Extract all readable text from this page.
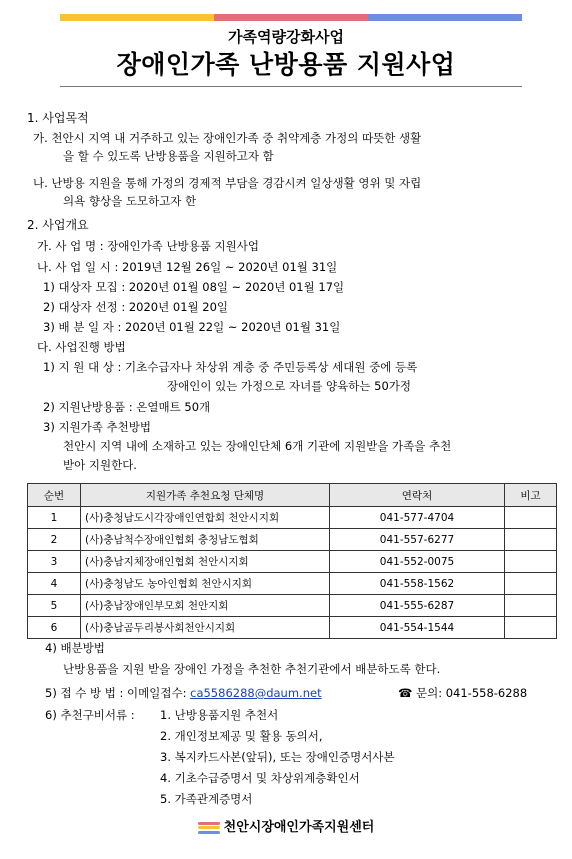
가족역량강화사업
장애인가족 난방용품 지원사업
1. 사업목적
가. 천안시 지역 내 거주하고 있는 장애인가족 중 취약계층 가정의 따뜻한 생활
을 할 수 있도록 난방용품을 지원하고자 함
나. 난방용 지원을 통해 가정의 경제적 부담을 경감시켜 일상생활 영위 및 자립
의욕 향상을 도모하고자 한
2. 사업개요
가. 사 업 명 : 장애인가족 난방용품 지원사업
나. 사 업 일 시 : 2019년 12월 26일 ~ 2020년 01월 31일
1) 대상자 모집 : 2020년 01월 08일 ~ 2020년 01월 17일
2) 대상자 선정 : 2020년 01월 20일
3) 배 분 일 자 : 2020년 01월 22일 ~ 2020년 01월 31일
다. 사업진행 방법
1) 지 원 대 상 : 기초수급자나 차상위 계층 중 주민등록상 세대원 중에 등록
장애인이 있는 가정으로 자녀를 양육하는 50가정
2) 지원난방용품 : 온열매트 50개
3) 지원가족 추천방법
천안시 지역 내에 소재하고 있는 장애인단체 6개 기관에 지원받을 가족을 추천
받아 지원한다.
순번	지원가족 추천요청 단체명	연락처	비고
1	(사)충청남도시각장애인연합회 천안시지회	041-577-4704	
2	(사)충남척수장애인협회 충청남도협회	041-557-6277	
3	(사)충남지체장애인협회 천안시지회	041-552-0075	
4	(사)충청남도 농아인협회 천안시지회	041-558-1562	
5	(사)충남장애인부모회 천안지회	041-555-6287	
6	(사)충남곰두리봉사회천안시지회	041-554-1544	
4) 배분방법
난방용품을 지원 받을 장애인 가정을 추천한 추천기관에서 배분하도록 한다.
5) 접 수 방 법 : 이메일접수: ca5586288@daum.net	☎ 문의: 041-558-6288
6) 추천구비서류 : 1. 난방용품지원 추천서
2. 개인정보제공 및 활용 동의서,
3. 복지카드사본(앞뒤), 또는 장애인증명서사본
4. 기초수급증명서 및 차상위계층확인서
5. 가족관계증명서
천안시장애인가족지원센터
